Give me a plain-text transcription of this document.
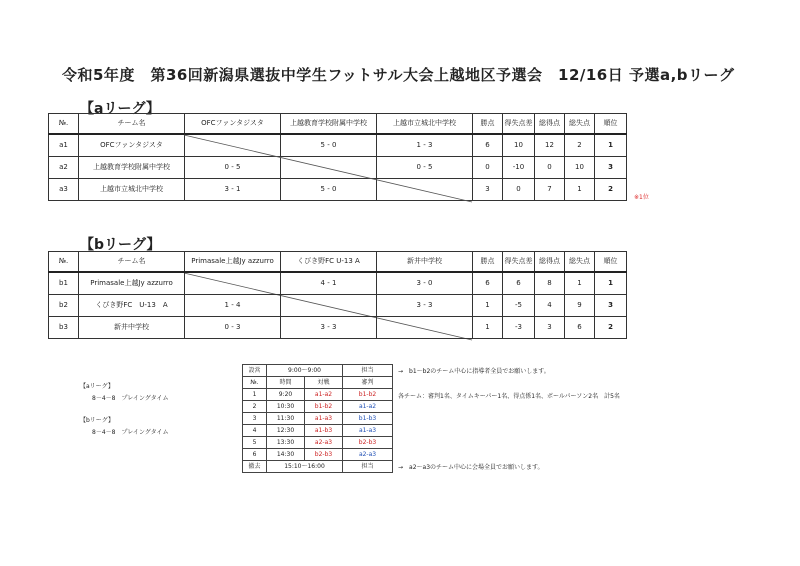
令和5年度　第36回新潟県選抜中学生フットサル大会上越地区予選会　12/16日 予選a,bリーグ
【aリーグ】
№.	チーム名	OFCファンタジスタ	上越教育学校附属中学校	上越市立城北中学校	勝点	得失点差	総得点	総失点	順位
a1	OFCファンタジスタ		5 - 0	1 - 3	6	10	12	2	1
a2	上越教育学校附属中学校	0 - 5		0 - 5	0	-10	0	10	3
a3	上越市立城北中学校	3 - 1	5 - 0		3	0	7	1	2
※1位
【bリーグ】
№.	チーム名	Primasale上越Jy azzurro	くびき野FC U-13 A	新井中学校	勝点	得失点差	総得点	総失点	順位
b1	Primasale上越Jy azzurro		4 - 1	3 - 0	6	6	8	1	1
b2	くびき野FC　U-13　A	1 - 4		3 - 3	1	-5	4	9	3
b3	新井中学校	0 - 3	3 - 3		1	-3	3	6	2
【aリーグ】
8－4－8　プレイングタイム
【bリーグ】
8－4－8　プレイングタイム
設営	9:00～9:00		担当
№.	時間	対戦	審判
1	9:20	a1-a2	b1-b2
2	10:30	b1-b2	a1-a2
3	11:30	a1-a3	b1-b3
4	12:30	a1-b3	a1-a3
5	13:30	a2-a3	b2-b3
6	14:30	b2-b3	a2-a3
撤去	15:10～16:00		担当
→　b1～b2のチーム中心に指導者全員でお願いします。
各チーム：審判1名、タイムキーパー1名、得点係1名、ボールパーソン2名　計5名
→　a2～a3のチーム中心に会場全員でお願いします。
